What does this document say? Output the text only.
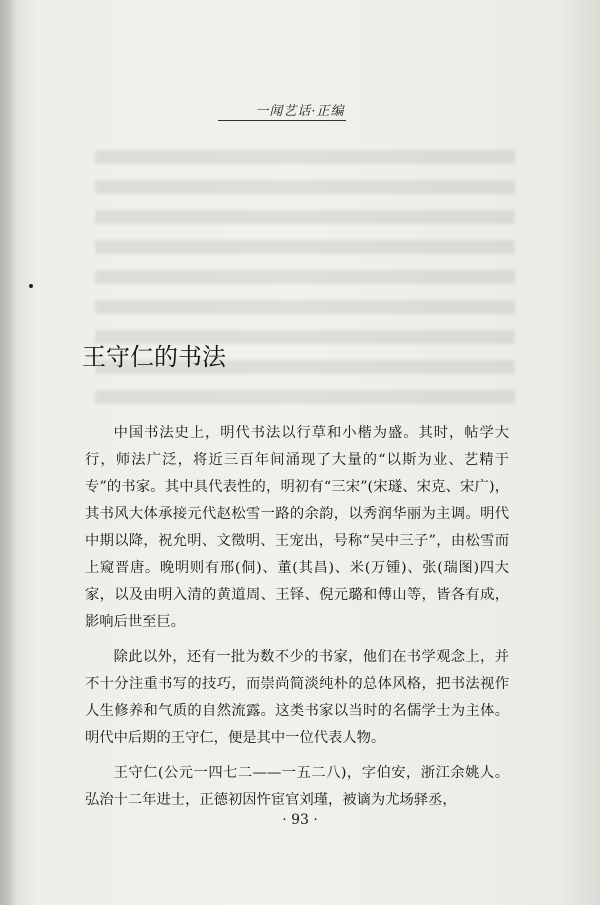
一闻艺话·正编
王守仁的书法

中国书法史上，明代书法以行草和小楷为盛。其时，帖学大行，师法广泛，将近三百年间涌现了大量的“以斯为业、艺精于专”的书家。其中具代表性的，明初有“三宋”(宋璲、宋克、宋广)，其书风大体承接元代赵松雪一路的余韵，以秀润华丽为主调。明代中期以降，祝允明、文徵明、王宠出，号称“吴中三子”，由松雪而上窥晋唐。晚明则有邢(侗)、董(其昌)、米(万锺)、张(瑞图)四大家，以及由明入清的黄道周、王铎、倪元璐和傅山等，皆各有成，影响后世至巨。

除此以外，还有一批为数不少的书家，他们在书学观念上，并不十分注重书写的技巧，而崇尚简淡纯朴的总体风格，把书法视作人生修养和气质的自然流露。这类书家以当时的名儒学士为主体。明代中后期的王守仁，便是其中一位代表人物。

王守仁(公元一四七二——一五二八)，字伯安，浙江余姚人。弘治十二年进士，正德初因忤宦官刘瑾，被谪为尤场驿丞，

· 93 ·
